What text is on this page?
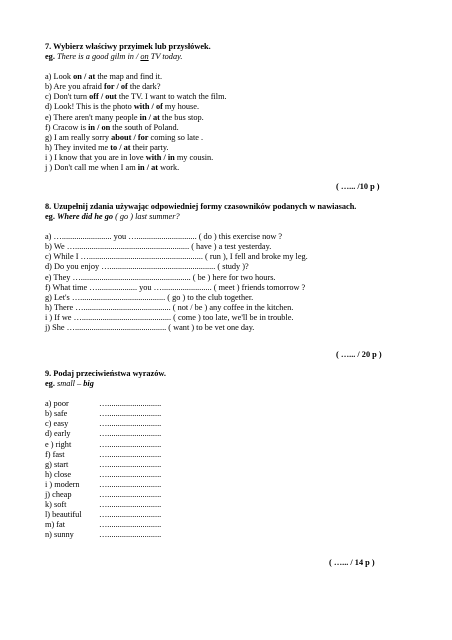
7. Wybierz właściwy przyimek lub przysłówek.
eg. There is a good gilm in / on TV today.
a) Look on / at the map and find it.
b) Are you afraid for / of the dark?
c) Don't turn off / out the TV. I want to watch the film.
d) Look! This is the photo with / of my house.
e) There aren't many people in / at the bus stop.
f) Cracow is in / on the south of Poland.
g) I am really sorry about / for coming so late .
h) They invited me to / at their party.
i ) I know that you are in love with / in my cousin.
j ) Don't call me when I am in / at work.
( …... /10 p )
8. Uzupełnij zdania używając odpowiedniej formy czasowników podanych w nawiasach.
eg. Where did he go ( go ) last summer?
a) …........................ you …............................. ( do ) this exercise now ?
b) We …....................................................... ( have ) a test yesterday.
c) While I …....................................................... ( run ), I fell and broke my leg.
d) Do you enjoy …................................................... ( study )?
e) They …..................................................... ( be ) here for two hours.
f) What time …................... you …........................ ( meet ) friends tomorrow ?
g) Let's …......................................... ( go ) to the club together.
h) There ….......................................... ( not / be ) any coffee in the kitchen.
i ) If we …........................................... ( come ) too late, we'll be in trouble.
j) She …............................................ ( want ) to be vet one day.
( …... / 20 p )
9. Podaj przeciwieństwa wyrazów.
eg. small – big
a) poor	…..........................
b) safe	…..........................
c) easy	…..........................
d) early	…..........................
e ) right	…..........................
f) fast	…..........................
g) start	…..........................
h) close	…..........................
i ) modern …..........................
j) cheap	…..........................
k) soft	…..........................
l) beautiful …..........................
m) fat	…..........................
n) sunny	…..........................
( …... / 14 p )
